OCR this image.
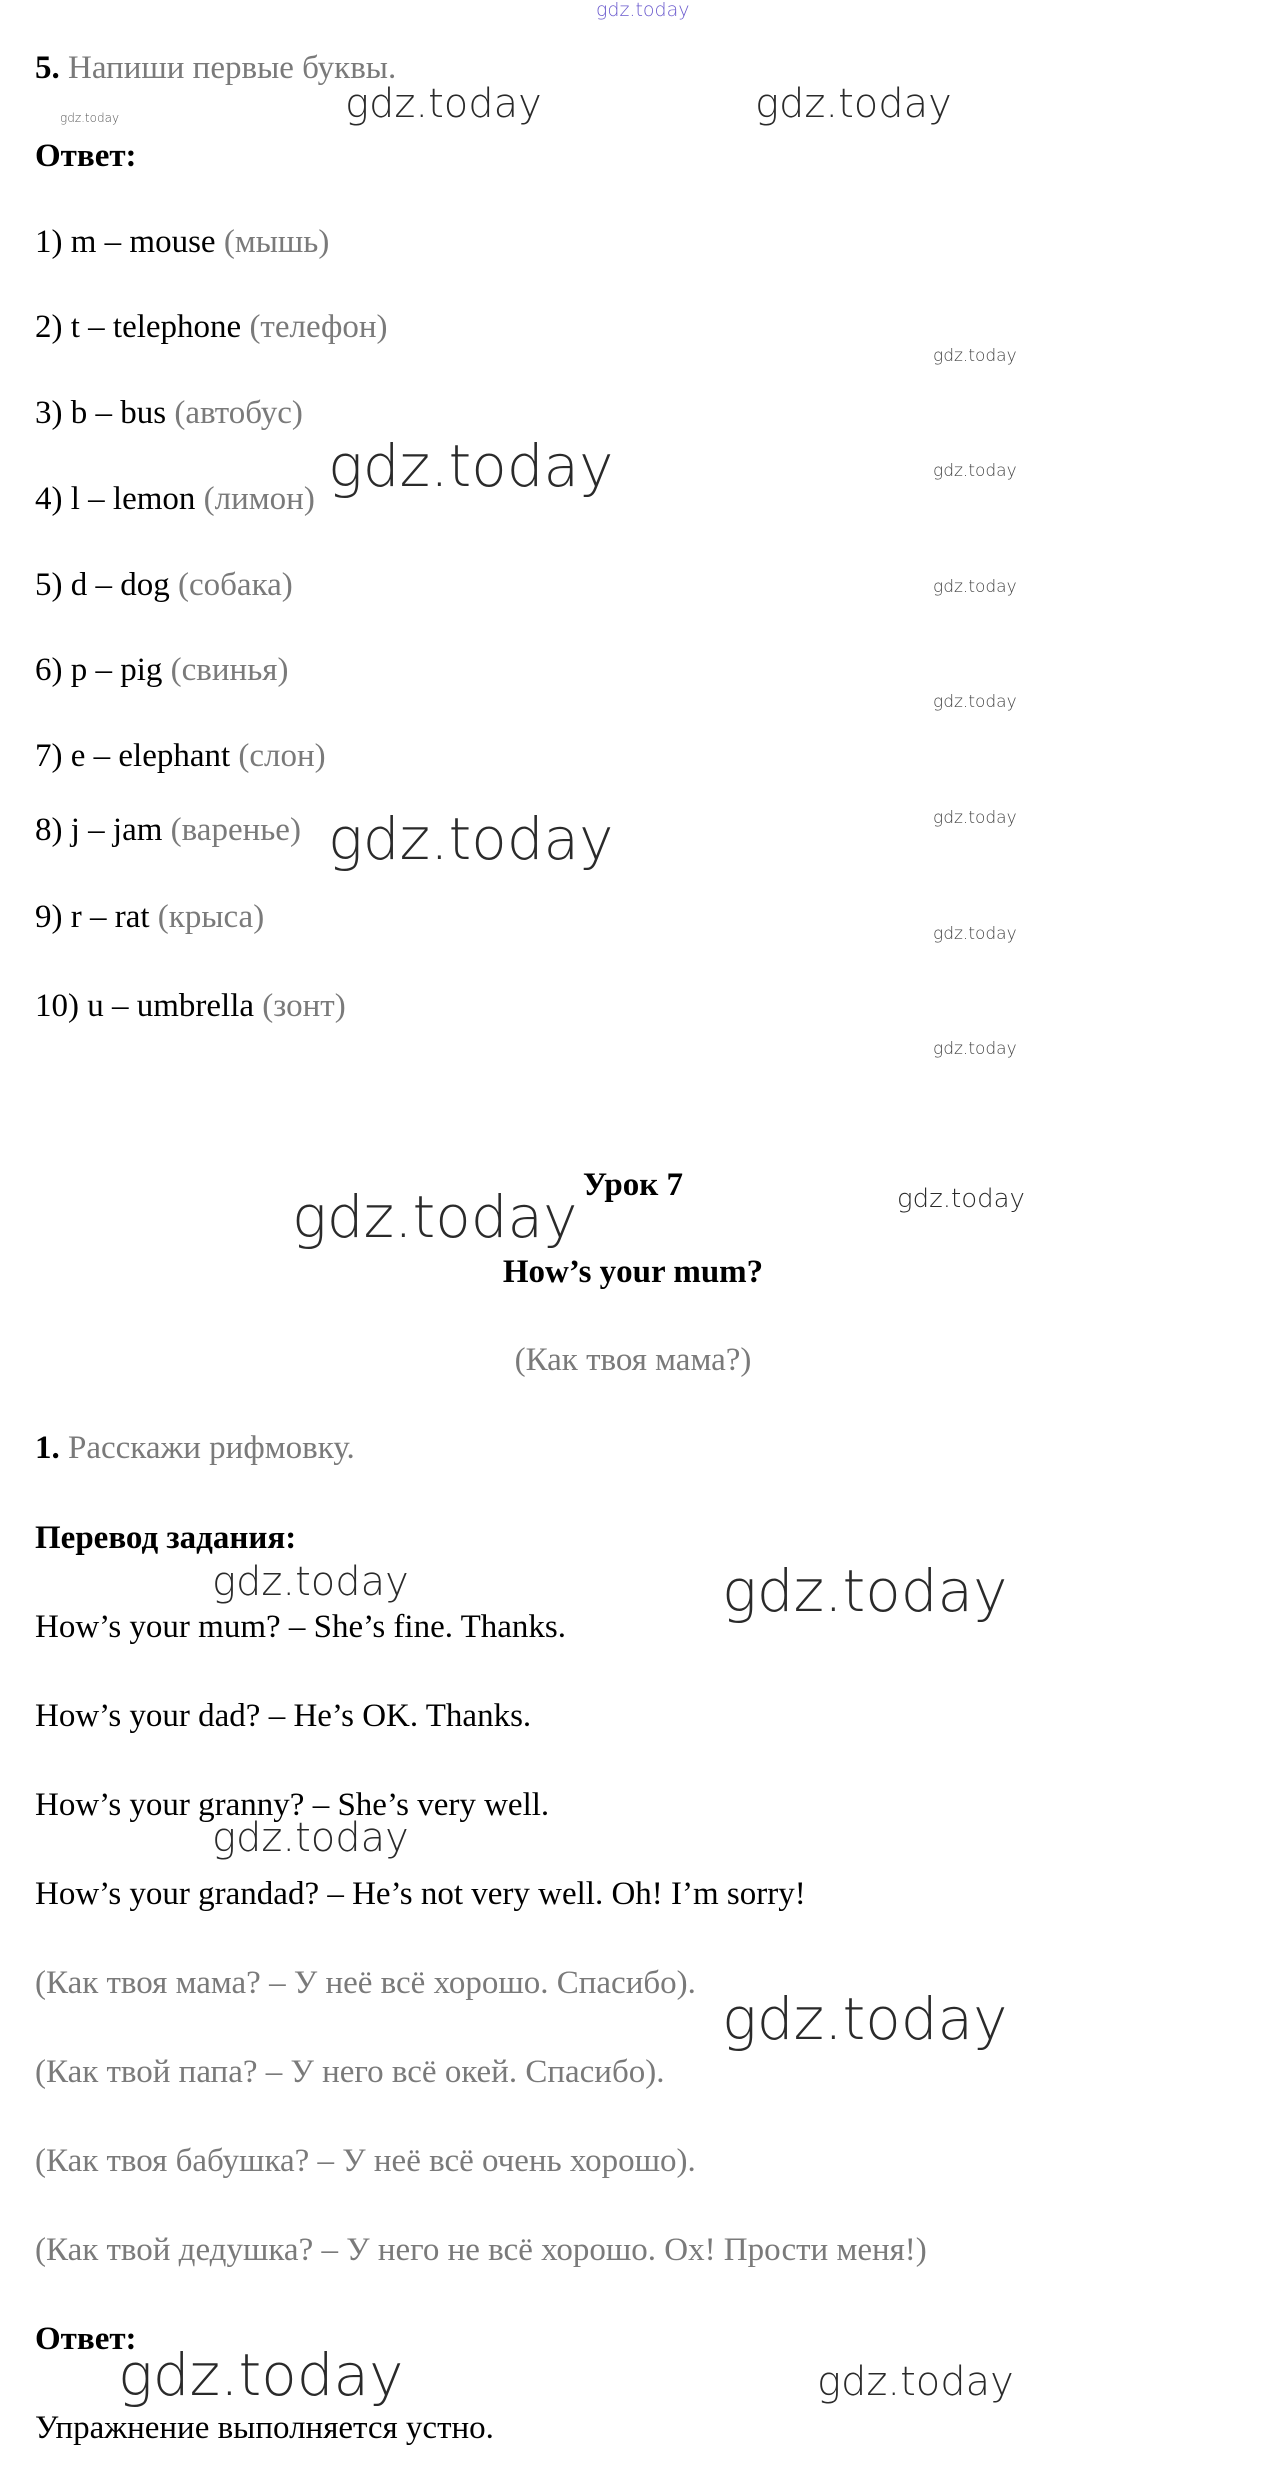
gdz.today
5. Напиши первые буквы.
Ответ:
1) m – mouse (мышь)
2) t – telephone (телефон)
3) b – bus (автобус)
4) l – lemon (лимон)
5) d – dog (собака)
6) p – pig (свинья)
7) e – elephant (слон)
8) j – jam (варенье)
9) r – rat (крыса)
10) u – umbrella (зонт)
Урок 7
How’s your mum?
(Как твоя мама?)
1. Расскажи рифмовку.
Перевод задания:
How’s your mum? – She’s fine. Thanks.
How’s your dad? – He’s OK. Thanks.
How’s your granny? – She’s very well.
How’s your grandad? – He’s not very well. Oh! I’m sorry!
(Как твоя мама? – У неё всё хорошо. Спасибо).
(Как твой папа? – У него всё окей. Спасибо).
(Как твоя бабушка? – У неё всё очень хорошо).
(Как твой дедушка? – У него не всё хорошо. Ох! Прости меня!)
Ответ:
Упражнение выполняется устно.
gdz.today	gdz.today	gdz.today
gdz.today
gdz.today
gdz.today
gdz.today
gdz.today
gdz.today
gdz.today
gdz.today
gdz.today
gdz.today	gdz.today
gdz.today	gdz.today
gdz.today
gdz.today
gdz.today	gdz.today
